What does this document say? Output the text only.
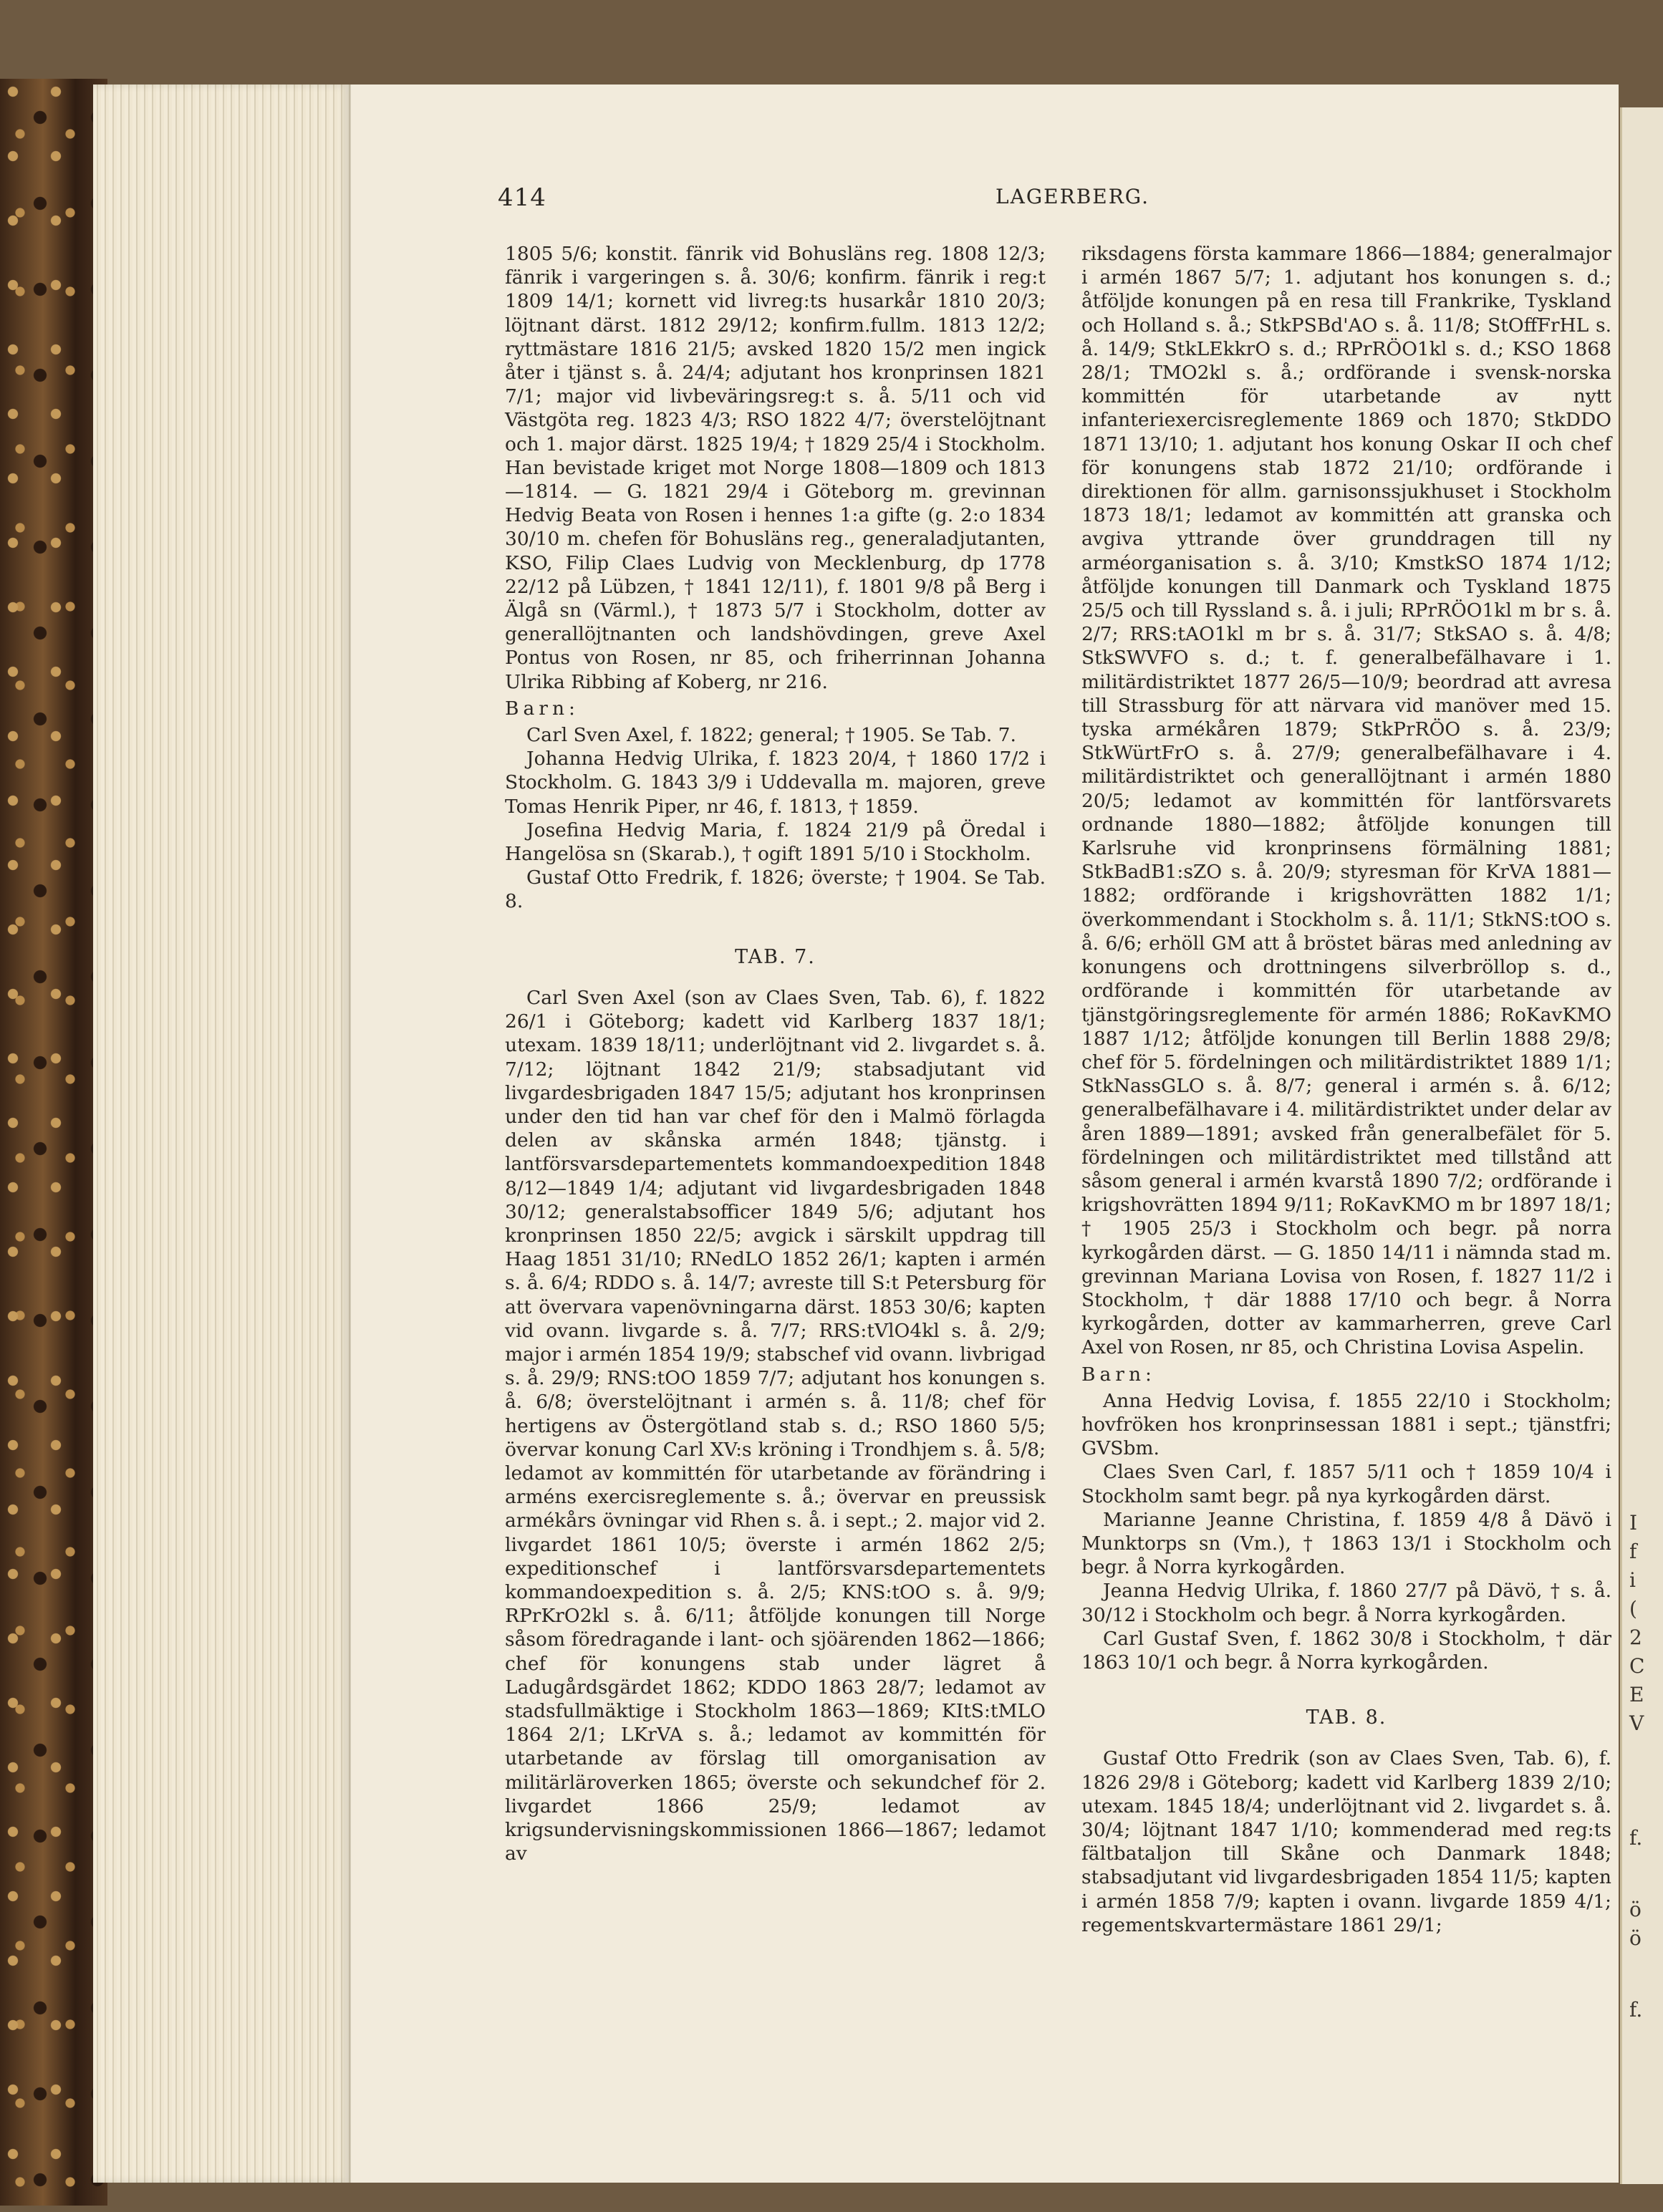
414	LAGERBERG.

1805 5/6; konstit. fänrik vid Bohusläns reg. 1808 12/3; fänrik i vargeringen s. å. 30/6; konfirm. fänrik i reg:t 1809 14/1; kornett vid livreg:ts husarkår 1810 20/3; löjtnant därst. 1812 29/12; konfirm.fullm. 1813 12/2; ryttmästare 1816 21/5; avsked 1820 15/2 men ingick åter i tjänst s. å. 24/4; adjutant hos kronprinsen 1821 7/1; major vid livbeväringsreg:t s. å. 5/11 och vid Västgöta reg. 1823 4/3; RSO 1822 4/7; överstelöjtnant och 1. major därst. 1825 19/4; † 1829 25/4 i Stockholm. Han bevistade kriget mot Norge 1808—1809 och 1813—1814. — G. 1821 29/4 i Göteborg m. grevinnan Hedvig Beata von Rosen i hennes 1:a gifte (g. 2:o 1834 30/10 m. chefen för Bohusläns reg., generaladjutanten, KSO, Filip Claes Ludvig von Mecklenburg, dp 1778 22/12 på Lübzen, † 1841 12/11), f. 1801 9/8 på Berg i Älgå sn (Värml.), † 1873 5/7 i Stockholm, dotter av generallöjtnanten och landshövdingen, greve Axel Pontus von Rosen, nr 85, och friherrinnan Johanna Ulrika Ribbing af Koberg, nr 216.

Barn:

Carl Sven Axel, f. 1822; general; † 1905. Se Tab. 7.

Johanna Hedvig Ulrika, f. 1823 20/4, † 1860 17/2 i Stockholm. G. 1843 3/9 i Uddevalla m. majoren, greve Tomas Henrik Piper, nr 46, f. 1813, † 1859.

Josefina Hedvig Maria, f. 1824 21/9 på Öredal i Hangelösa sn (Skarab.), † ogift 1891 5/10 i Stockholm.

Gustaf Otto Fredrik, f. 1826; överste; † 1904. Se Tab. 8.

TAB. 7.

Carl Sven Axel (son av Claes Sven, Tab. 6), f. 1822 26/1 i Göteborg; kadett vid Karlberg 1837 18/1; utexam. 1839 18/11; underlöjtnant vid 2. livgardet s. å. 7/12; löjtnant 1842 21/9; stabsadjutant vid livgardesbrigaden 1847 15/5; adjutant hos kronprinsen under den tid han var chef för den i Malmö förlagda delen av skånska armén 1848; tjänstg. i lantförsvarsdepartementets kommandoexpedition 1848 8/12—1849 1/4; adjutant vid livgardesbrigaden 1848 30/12; generalstabsofficer 1849 5/6; adjutant hos kronprinsen 1850 22/5; avgick i särskilt uppdrag till Haag 1851 31/10; RNedLO 1852 26/1; kapten i armén s. å. 6/4; RDDO s. å. 14/7; avreste till S:t Petersburg för att övervara vapenövningarna därst. 1853 30/6; kapten vid ovann. livgarde s. å. 7/7; RRS:tVlO4kl s. å. 2/9; major i armén 1854 19/9; stabschef vid ovann. livbrigad s. å. 29/9; RNS:tOO 1859 7/7; adjutant hos konungen s. å. 6/8; överstelöjtnant i armén s. å. 11/8; chef för hertigens av Östergötland stab s. d.; RSO 1860 5/5; övervar konung Carl XV:s kröning i Trondhjem s. å. 5/8; ledamot av kommittén för utarbetande av förändring i arméns exercisreglemente s. å.; övervar en preussisk armékårs övningar vid Rhen s. å. i sept.; 2. major vid 2. livgardet 1861 10/5; överste i armén 1862 2/5; expeditionschef i lantförsvarsdepartementets kommandoexpedition s. å. 2/5; KNS:tOO s. å. 9/9; RPrKrO2kl s. å. 6/11; åtföljde konungen till Norge såsom föredragande i lant- och sjöärenden 1862—1866; chef för konungens stab under lägret å Ladugårdsgärdet 1862; KDDO 1863 28/7; ledamot av stadsfullmäktige i Stockholm 1863—1869; KItS:tMLO 1864 2/1; LKrVA s. å.; ledamot av kommittén för utarbetande av förslag till omorganisation av militärläroverken 1865; överste och sekundchef för 2. livgardet 1866 25/9; ledamot av krigsundervisningskommissionen 1866—1867; ledamot av

riksdagens första kammare 1866—1884; generalmajor i armén 1867 5/7; 1. adjutant hos konungen s. d.; åtföljde konungen på en resa till Frankrike, Tyskland och Holland s. å.; StkPSBd'AO s. å. 11/8; StOffFrHL s. å. 14/9; StkLEkkrO s. d.; RPrRÖO1kl s. d.; KSO 1868 28/1; TMO2kl s. å.; ordförande i svensk-norska kommittén för utarbetande av nytt infanteriexercisreglemente 1869 och 1870; StkDDO 1871 13/10; 1. adjutant hos konung Oskar II och chef för konungens stab 1872 21/10; ordförande i direktionen för allm. garnisonssjukhuset i Stockholm 1873 18/1; ledamot av kommittén att granska och avgiva yttrande över grunddragen till ny arméorganisation s. å. 3/10; KmstkSO 1874 1/12; åtföljde konungen till Danmark och Tyskland 1875 25/5 och till Ryssland s. å. i juli; RPrRÖO1kl m br s. å. 2/7; RRS:tAO1kl m br s. å. 31/7; StkSAO s. å. 4/8; StkSWVFO s. d.; t. f. generalbefälhavare i 1. militärdistriktet 1877 26/5—10/9; beordrad att avresa till Strassburg för att närvara vid manöver med 15. tyska armékåren 1879; StkPrRÖO s. å. 23/9; StkWürtFrO s. å. 27/9; generalbefälhavare i 4. militärdistriktet och generallöjtnant i armén 1880 20/5; ledamot av kommittén för lantförsvarets ordnande 1880—1882; åtföljde konungen till Karlsruhe vid kronprinsens förmälning 1881; StkBadB1:sZO s. å. 20/9; styresman för KrVA 1881—1882; ordförande i krigshovrätten 1882 1/1; överkommendant i Stockholm s. å. 11/1; StkNS:tOO s. å. 6/6; erhöll GM att å bröstet bäras med anledning av konungens och drottningens silverbröllop s. d., ordförande i kommittén för utarbetande av tjänstgöringsreglemente för armén 1886; RoKavKMO 1887 1/12; åtföljde konungen till Berlin 1888 29/8; chef för 5. fördelningen och militärdistriktet 1889 1/1; StkNassGLO s. å. 8/7; general i armén s. å. 6/12; generalbefälhavare i 4. militärdistriktet under delar av åren 1889—1891; avsked från generalbefälet för 5. fördelningen och militärdistriktet med tillstånd att såsom general i armén kvarstå 1890 7/2; ordförande i krigshovrätten 1894 9/11; RoKavKMO m br 1897 18/1; † 1905 25/3 i Stockholm och begr. på norra kyrkogården därst. — G. 1850 14/11 i nämnda stad m. grevinnan Mariana Lovisa von Rosen, f. 1827 11/2 i Stockholm, † där 1888 17/10 och begr. å Norra kyrkogården, dotter av kammarherren, greve Carl Axel von Rosen, nr 85, och Christina Lovisa Aspelin.

Barn:

Anna Hedvig Lovisa, f. 1855 22/10 i Stockholm; hovfröken hos kronprinsessan 1881 i sept.; tjänstfri; GVSbm.

Claes Sven Carl, f. 1857 5/11 och † 1859 10/4 i Stockholm samt begr. på nya kyrkogården därst.

Marianne Jeanne Christina, f. 1859 4/8 å Dävö i Munktorps sn (Vm.), † 1863 13/1 i Stockholm och begr. å Norra kyrkogården.

Jeanna Hedvig Ulrika, f. 1860 27/7 på Dävö, † s. å. 30/12 i Stockholm och begr. å Norra kyrkogården.

Carl Gustaf Sven, f. 1862 30/8 i Stockholm, † där 1863 10/1 och begr. å Norra kyrkogården.

TAB. 8.

Gustaf Otto Fredrik (son av Claes Sven, Tab. 6), f. 1826 29/8 i Göteborg; kadett vid Karlberg 1839 2/10; utexam. 1845 18/4; underlöjtnant vid 2. livgardet s. å. 30/4; löjtnant 1847 1/10; kommenderad med reg:ts fältbataljon till Skåne och Danmark 1848; stabsadjutant vid livgardesbrigaden 1854 11/5; kapten i armén 1858 7/9; kapten i ovann. livgarde 1859 4/1; regementskvartermästare 1861 29/1;

I
f
i
(
2
C
E
V
f.
ö
ö
f.
